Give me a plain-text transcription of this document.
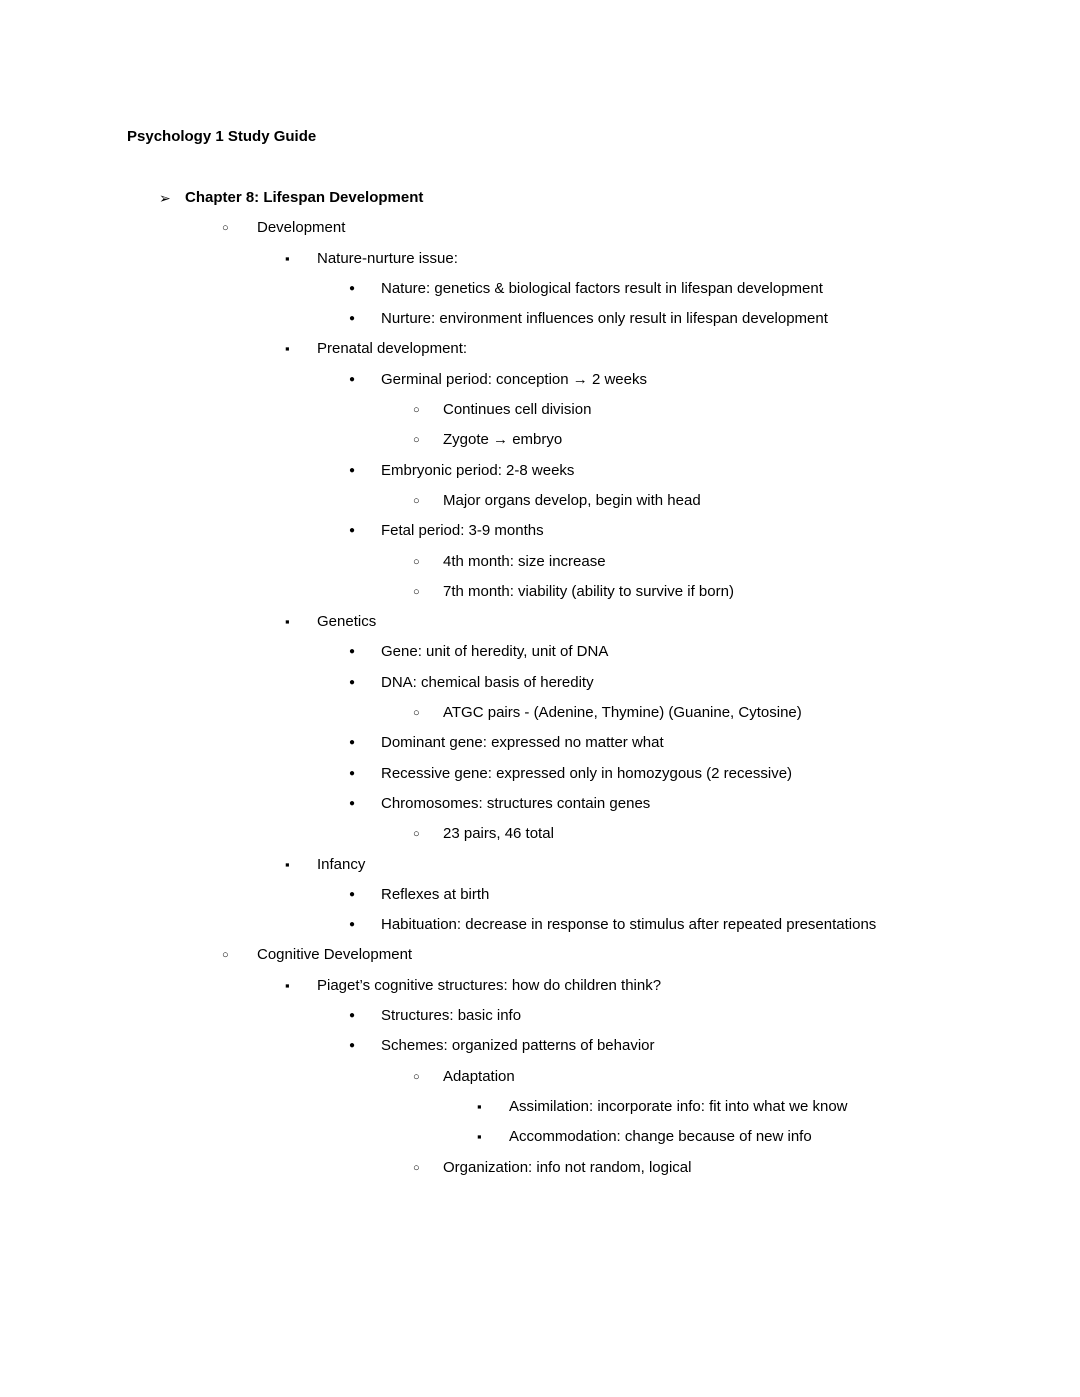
Psychology 1 Study Guide
➢ Chapter 8: Lifespan Development
○ Development
▪ Nature-nurture issue:
● Nature: genetics & biological factors result in lifespan development
● Nurture: environment influences only result in lifespan development
▪ Prenatal development:
● Germinal period: conception → 2 weeks
○ Continues cell division
○ Zygote → embryo
● Embryonic period: 2-8 weeks
○ Major organs develop, begin with head
● Fetal period: 3-9 months
○ 4th month: size increase
○ 7th month: viability (ability to survive if born)
▪ Genetics
● Gene: unit of heredity, unit of DNA
● DNA: chemical basis of heredity
○ ATGC pairs - (Adenine, Thymine) (Guanine, Cytosine)
● Dominant gene: expressed no matter what
● Recessive gene: expressed only in homozygous (2 recessive)
● Chromosomes: structures contain genes
○ 23 pairs, 46 total
▪ Infancy
● Reflexes at birth
● Habituation: decrease in response to stimulus after repeated presentations
○ Cognitive Development
▪ Piaget’s cognitive structures: how do children think?
● Structures: basic info
● Schemes: organized patterns of behavior
○ Adaptation
▪ Assimilation: incorporate info: fit into what we know
▪ Accommodation: change because of new info
○ Organization: info not random, logical
